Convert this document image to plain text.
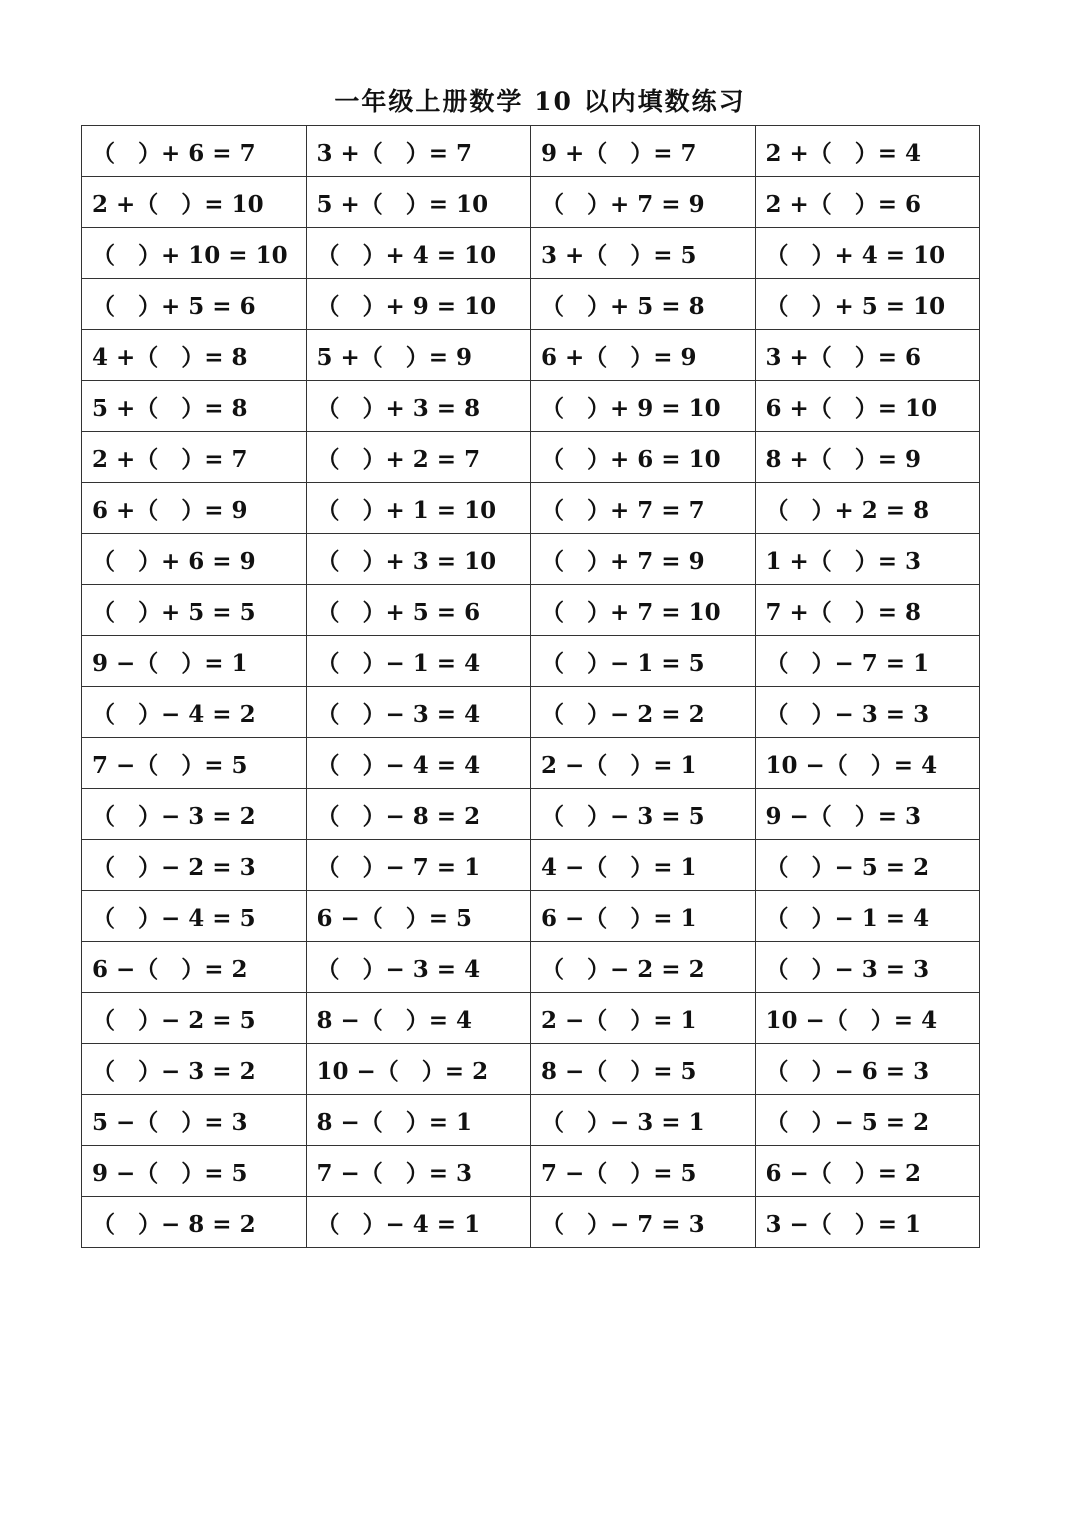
一年级上册数学 10 以内填数练习
（　）+ 6 = 7	3 +（　）= 7	9 +（　）= 7	2 +（　）= 4
2 +（　）= 10	5 +（　）= 10	（　）+ 7 = 9	2 +（　）= 6
（　）+ 10 = 10	（　）+ 4 = 10	3 +（　）= 5	（　）+ 4 = 10
（　）+ 5 = 6	（　）+ 9 = 10	（　）+ 5 = 8	（　）+ 5 = 10
4 +（　）= 8	5 +（　）= 9	6 +（　）= 9	3 +（　）= 6
5 +（　）= 8	（　）+ 3 = 8	（　）+ 9 = 10	6 +（　）= 10
2 +（　）= 7	（　）+ 2 = 7	（　）+ 6 = 10	8 +（　）= 9
6 +（　）= 9	（　）+ 1 = 10	（　）+ 7 = 7	（　）+ 2 = 8
（　）+ 6 = 9	（　）+ 3 = 10	（　）+ 7 = 9	1 +（　）= 3
（　）+ 5 = 5	（　）+ 5 = 6	（　）+ 7 = 10	7 +（　）= 8
9 −（　）= 1	（　）− 1 = 4	（　）− 1 = 5	（　）− 7 = 1
（　）− 4 = 2	（　）− 3 = 4	（　）− 2 = 2	（　）− 3 = 3
7 −（　）= 5	（　）− 4 = 4	2 −（　）= 1	10 −（　）= 4
（　）− 3 = 2	（　）− 8 = 2	（　）− 3 = 5	9 −（　）= 3
（　）− 2 = 3	（　）− 7 = 1	4 −（　）= 1	（　）− 5 = 2
（　）− 4 = 5	6 −（　）= 5	6 −（　）= 1	（　）− 1 = 4
6 −（　）= 2	（　）− 3 = 4	（　）− 2 = 2	（　）− 3 = 3
（　）− 2 = 5	8 −（　）= 4	2 −（　）= 1	10 −（　）= 4
（　）− 3 = 2	10 −（　）= 2	8 −（　）= 5	（　）− 6 = 3
5 −（　）= 3	8 −（　）= 1	（　）− 3 = 1	（　）− 5 = 2
9 −（　）= 5	7 −（　）= 3	7 −（　）= 5	6 −（　）= 2
（　）− 8 = 2	（　）− 4 = 1	（　）− 7 = 3	3 −（　）= 1
